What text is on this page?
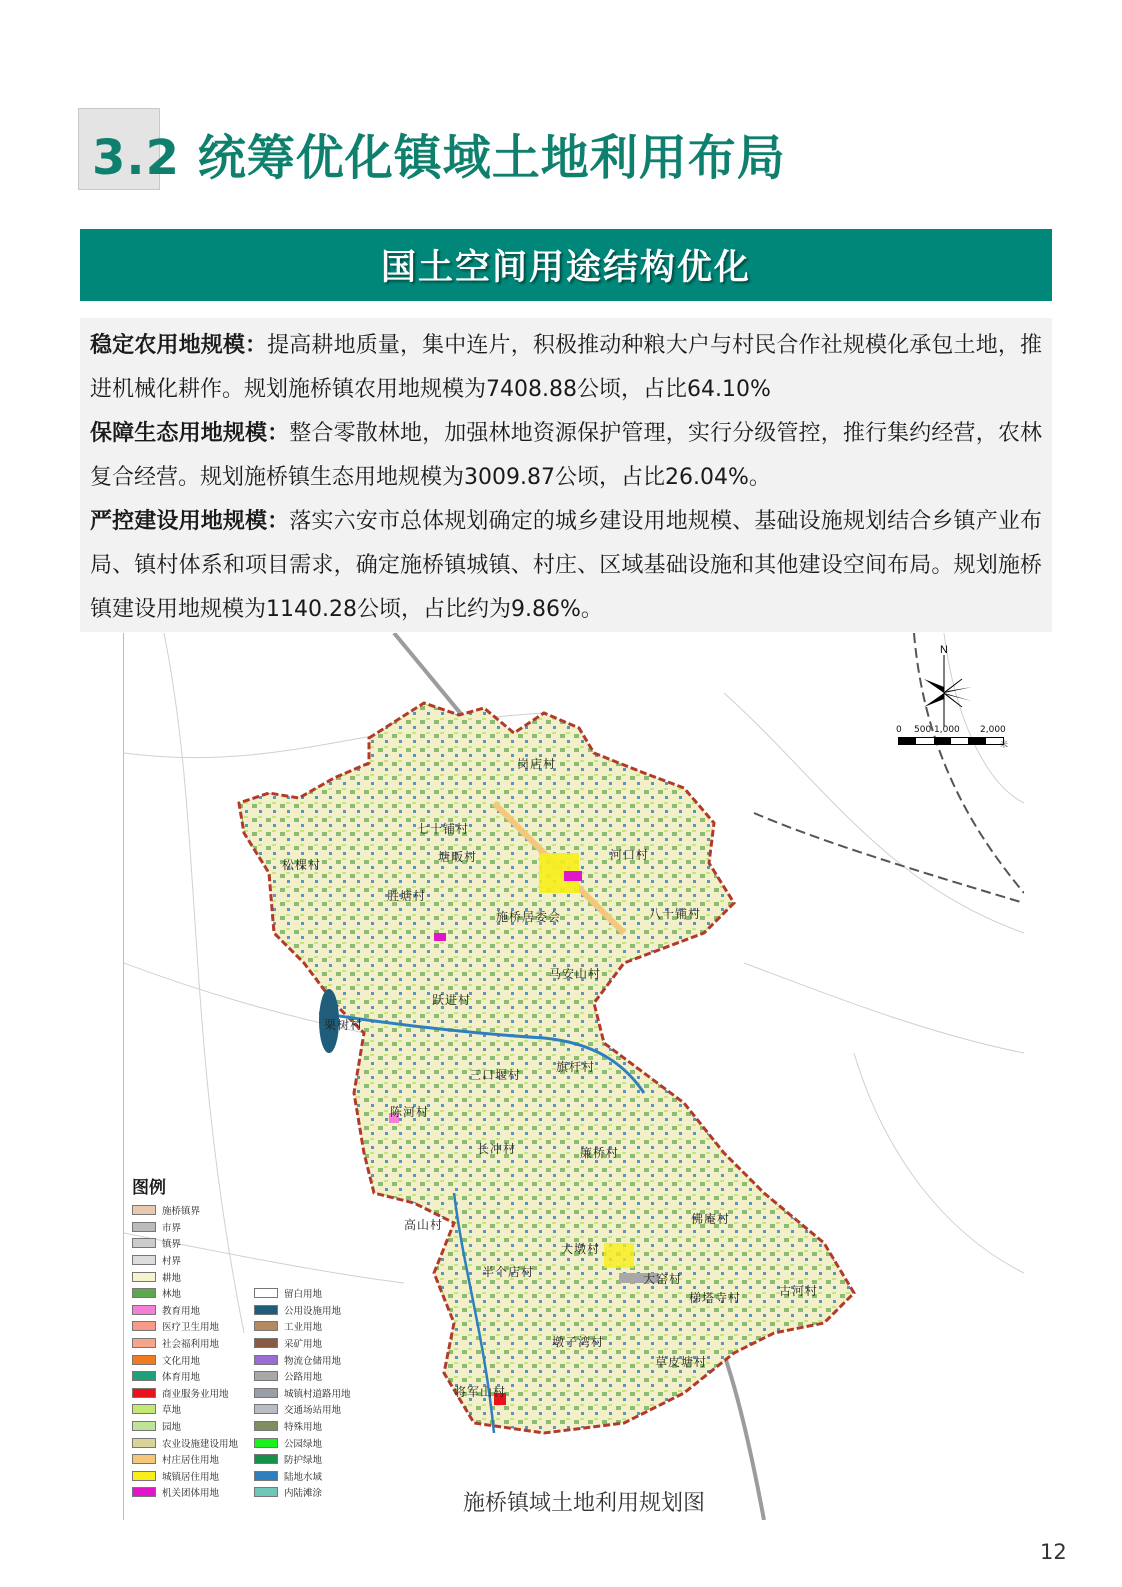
3.2 统筹优化镇域土地利用布局
国土空间用途结构优化

稳定农用地规模：提高耕地质量，集中连片，积极推动种粮大户与村民合作社规模化承包土地，推进机械化耕作。规划施桥镇农用地规模为7408.88公顷，占比64.10%

保障生态用地规模：整合零散林地，加强林地资源保护管理，实行分级管控，推行集约经营，农林复合经营。规划施桥镇生态用地规模为3009.87公顷，占比26.04%。

严控建设用地规模：落实六安市总体规划确定的城乡建设用地规模、基础设施规划结合乡镇产业布局、镇村体系和项目需求，确定施桥镇城镇、村庄、区域基础设施和其他建设空间布局。规划施桥镇建设用地规模为1140.28公顷，占比约为9.86%。

N
0 500 1,000 2,000
米
岗店村
七十铺村
松棵村
塘畈村	河口村
胜塘村
施桥居委会	八十铺村
马安山村
跃进村
栗树村
旗杆村
三口堰村
陈河村
长冲村	廉桥村
高山村	佛庵村
大墩村
半个店村	大窑村
古河村
梯塔寺村
墩子湾村
草皮塘村
将军山村
图例
施桥镇界
市界
镇界
村界
耕地
林地
教育用地
医疗卫生用地
社会福利用地
文化用地
体育用地
商业服务业用地
草地
园地
农业设施建设用地
村庄居住用地
城镇居住用地
机关团体用地
留白用地
公用设施用地
工业用地
采矿用地
物流仓储用地
公路用地
城镇村道路用地
交通场站用地
特殊用地
公园绿地
防护绿地
陆地水域
内陆滩涂	施桥镇域土地利用规划图
12
